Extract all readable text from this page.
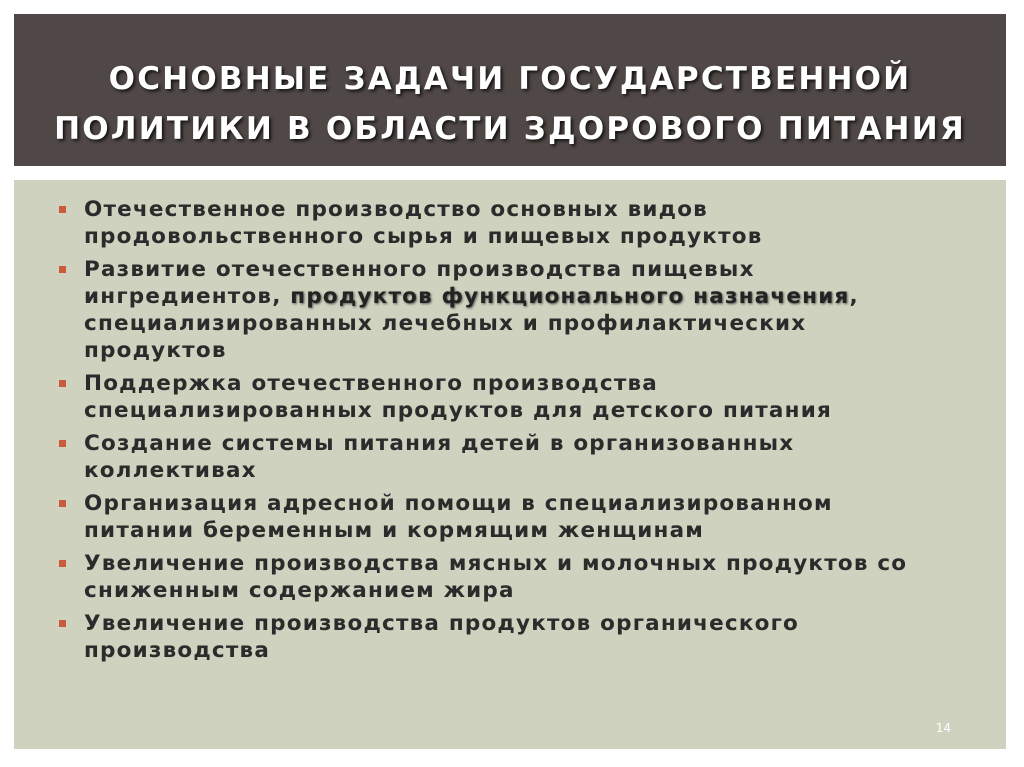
ОСНОВНЫЕ ЗАДАЧИ ГОСУДАРСТВЕННОЙ
ПОЛИТИКИ В ОБЛАСТИ ЗДОРОВОГО ПИТАНИЯ
Отечественное производство основных видов
продовольственного сырья и пищевых продуктов
Развитие отечественного производства пищевых
ингредиентов, продуктов функционального назначения,
специализированных лечебных и профилактических
продуктов
Поддержка отечественного производства
специализированных продуктов для детского питания
Создание системы питания детей в организованных
коллективах
Организация адресной помощи в специализированном
питании беременным и кормящим женщинам
Увеличение производства мясных и молочных продуктов со
сниженным содержанием жира
Увеличение производства продуктов органического
производства
14
